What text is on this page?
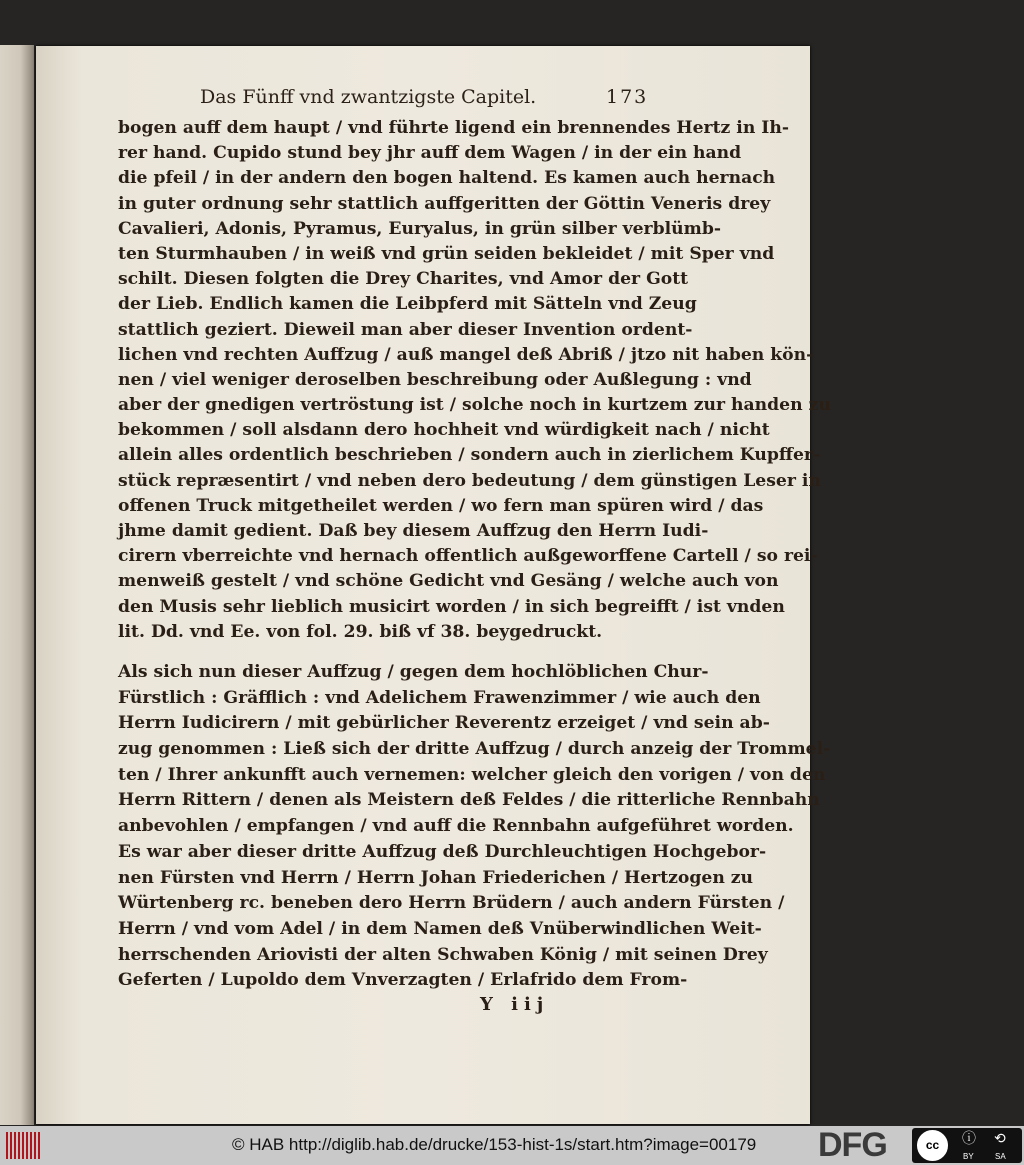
Das Fünff vnd zwantzigste Capitel.	173
bogen auff dem haupt / vnd führte ligend ein brennendes Hertz in Ih-
rer hand. Cupido stund bey jhr auff dem Wagen / in der ein hand
die pfeil / in der andern den bogen haltend. Es kamen auch hernach
in guter ordnung sehr stattlich auffgeritten der Göttin Veneris drey
Cavalieri, Adonis, Pyramus, Euryalus, in grün silber verblümb-
ten Sturmhauben / in weiß vnd grün seiden bekleidet / mit Sper vnd
schilt. Diesen folgten die Drey Charites, vnd Amor der Gott
der Lieb. Endlich kamen die Leibpferd mit Sätteln vnd Zeug
stattlich geziert. Dieweil man aber dieser Invention ordent-
lichen vnd rechten Auffzug / auß mangel deß Abriß / jtzo nit haben kön-
nen / viel weniger deroselben beschreibung oder Außlegung : vnd
aber der gnedigen vertröstung ist / solche noch in kurtzem zur handen zu
bekommen / soll alsdann dero hochheit vnd würdigkeit nach / nicht
allein alles ordentlich beschrieben / sondern auch in zierlichem Kupffer-
stück repræsentirt / vnd neben dero bedeutung / dem günstigen Leser in
offenen Truck mitgetheilet werden / wo fern man spüren wird / das
jhme damit gedient. Daß bey diesem Auffzug den Herrn Iudi-
cirern vberreichte vnd hernach offentlich außgeworffene Cartell / so rei-
menweiß gestelt / vnd schöne Gedicht vnd Gesäng / welche auch von
den Musis sehr lieblich musicirt worden / in sich begreifft / ist vnden
lit. Dd. vnd Ee. von fol. 29. biß vf 38. beygedruckt.
Als sich nun dieser Auffzug / gegen dem hochlöblichen Chur-
Fürstlich : Gräfflich : vnd Adelichem Frawenzimmer / wie auch den
Herrn Iudicirern / mit gebürlicher Reverentz erzeiget / vnd sein ab-
zug genommen : Ließ sich der dritte Auffzug / durch anzeig der Trommel-
ten / Ihrer ankunfft auch vernemen: welcher gleich den vorigen / von den
Herrn Rittern / denen als Meistern deß Feldes / die ritterliche Rennbahn
anbevohlen / empfangen / vnd auff die Rennbahn aufgeführet worden.
Es war aber dieser dritte Auffzug deß Durchleuchtigen Hochgebor-
nen Fürsten vnd Herrn / Herrn Johan Friederichen / Hertzogen zu
Würtenberg rc. beneben dero Herrn Brüdern / auch andern Fürsten /
Herrn / vnd vom Adel / in dem Namen deß Vnüberwindlichen Weit-
herrschenden Ariovisti der alten Schwaben König / mit seinen Drey
Geferten / Lupoldo dem Vnverzagten / Erlafrido dem From-
Y iij
© HAB http://diglib.hab.de/drucke/153-hist-1s/start.htm?image=00179 DFG	cc	ⓘ ⟲
BY	SA
